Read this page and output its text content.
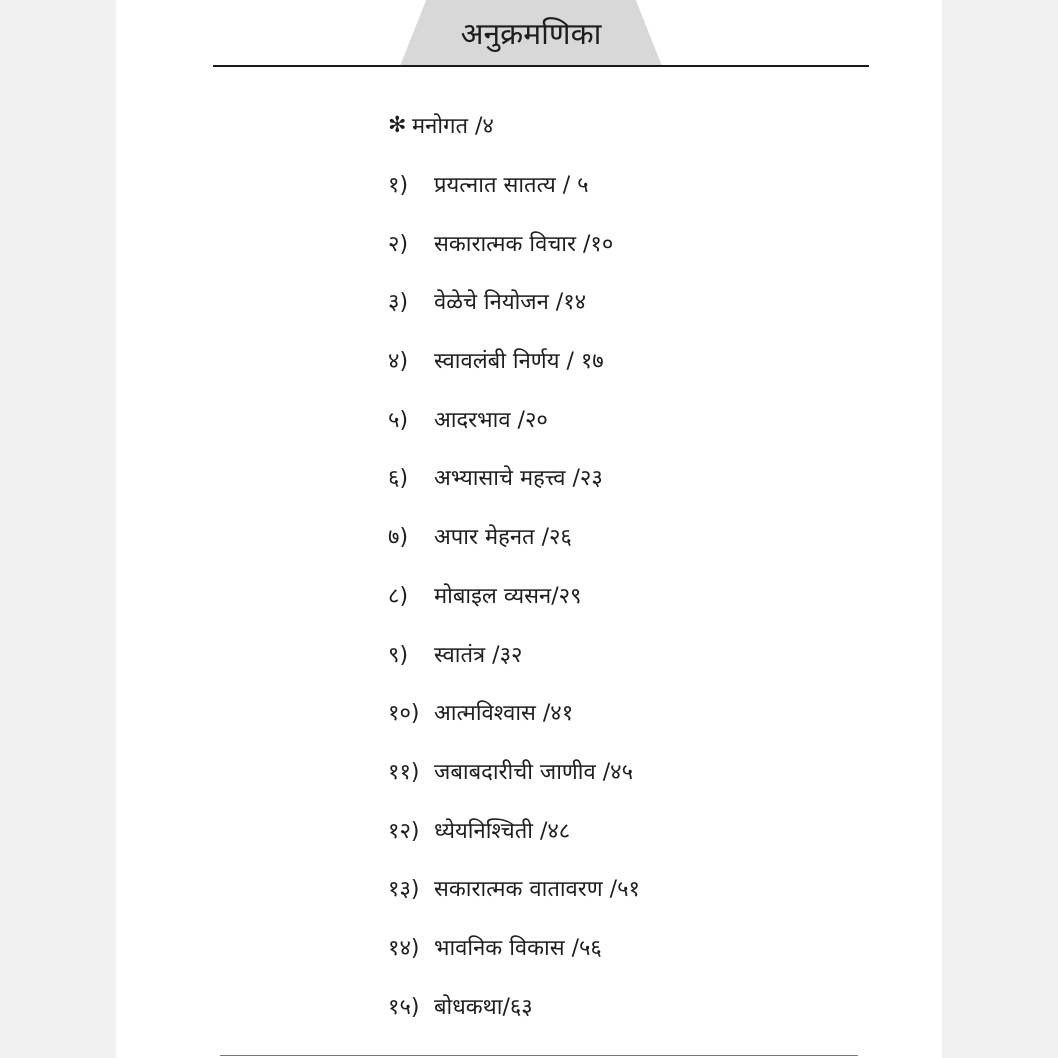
अनुक्रमणिका
✻ मनोगत /४
१)	प्रयत्नात सातत्य / ५
२)	सकारात्मक विचार /१०
३)	वेळेचे नियोजन /१४
४)	स्वावलंबी निर्णय / १७
५)	आदरभाव /२०
६)	अभ्यासाचे महत्त्व /२३
७)	अपार मेहनत /२६
८)	मोबाइल व्यसन/२९
९)	स्वातंत्र /३२
१०) आत्मविश्वास /४१
११) जबाबदारीची जाणीव /४५
१२) ध्येयनिश्चिती /४८
१३) सकारात्मक वातावरण /५१
१४) भावनिक विकास /५६
१५) बोधकथा/६३
